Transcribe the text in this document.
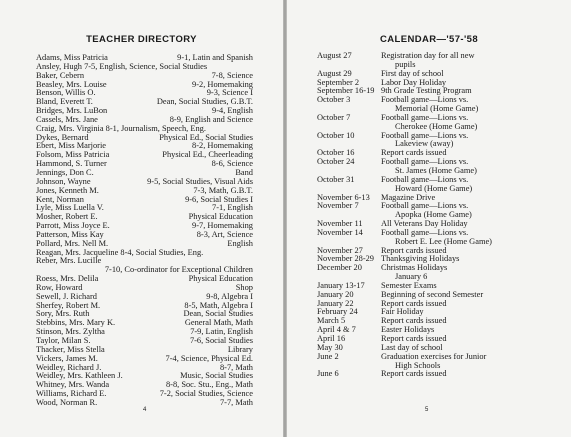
TEACHER DIRECTORY
Adams, Miss Patricia	9-1, Latin and Spanish
Ansley, Hugh 7-5, English, Science, Social Studies
Baker, Cebern	7-8, Science
Beasley, Mrs. Louise	9-2, Homemaking
Benson, Willis O.	9-3, Science I
Bland, Everett T.	Dean, Social Studies, G.B.T.
Bridges, Mrs. LuBon	9-4, English
Cassels, Mrs. Jane	8-9, English and Science
Craig, Mrs. Virginia 8-1, Journalism, Speech, Eng.
Dykes, Bernard	Physical Ed., Social Studies
Ebert, Miss Marjorie	8-2, Homemaking
Folsom, Miss Patricia	Physical Ed., Cheerleading
Hammond, S. Turner	8-6, Science
Jennings, Don C.	Band
Johnson, Wayne	9-5, Social Studies, Visual Aids
Jones, Kenneth M.	7-3, Math, G.B.T.
Kent, Norman	9-6, Social Studies I
Lyle, Miss Luella V.	7-1, English
Mosher, Robert E.	Physical Education
Parrott, Miss Joyce E.	9-7, Homemaking
Patterson, Miss Kay	8-3, Art, Science
Pollard, Mrs. Nell M.	English
Reagan, Mrs. Jacqueline 8-4, Social Studies, Eng.
Reber, Mrs. Lucille
7-10, Co-ordinator for Exceptional Children
Roess, Mrs. Delila	Physical Education
Row, Howard	Shop
Sewell, J. Richard	9-8, Algebra I
Sherfey, Robert M.	8-5, Math, Algebra I
Sory, Mrs. Ruth	Dean, Social Studies
Stebbins, Mrs. Mary K.	General Math, Math
Stinson, Mrs. Zyltha	7-9, Latin, English
Taylor, Milan S.	7-6, Social Studies
Thacker, Miss Stella	Library
Vickers, James M.	7-4, Science, Physical Ed.
Weidley, Richard J.	8-7, Math
Weidley, Mrs. Kathleen J.	Music, Social Studies
Whitney, Mrs. Wanda	8-8, Soc. Stu., Eng., Math
Williams, Richard E.	7-2, Social Studies, Science
Wood, Norman R.	7-7, Math
4
CALENDAR—'57-'58
August 27	Registration day for all new
pupils
August 29	First day of school
September 2	Labor Day Holiday
September 16-19 9th Grade Testing Program
October 3	Football game—Lions vs.
Memorial (Home Game)
October 7	Football game—Lions vs.
Cherokee (Home Game)
October 10	Football game—Lions vs.
Lakeview (away)
October 16	Report cards issued
October 24	Football game—Lions vs.
St. James (Home Game)
October 31	Football game—Lions vs.
Howard (Home Game)
November 6-13	Magazine Drive
November 7	Football game—Lions vs.
Apopka (Home Game)
November 11	All Veterans Day Holiday
November 14	Football game—Lions vs.
Robert E. Lee (Home Game)
November 27	Report cards issued
November 28-29 Thanksgiving Holidays
December 20	Christmas Holidays
January 6
January 13-17	Semester Exams
January 20	Beginning of second Semester
January 22	Report cards issued
February 24	Fair Holiday
March 5	Report cards issued
April 4 & 7	Easter Holidays
April 16	Report cards issued
May 30	Last day of school
June 2	Graduation exercises for Junior
High Schools
June 6	Report cards issued
5
